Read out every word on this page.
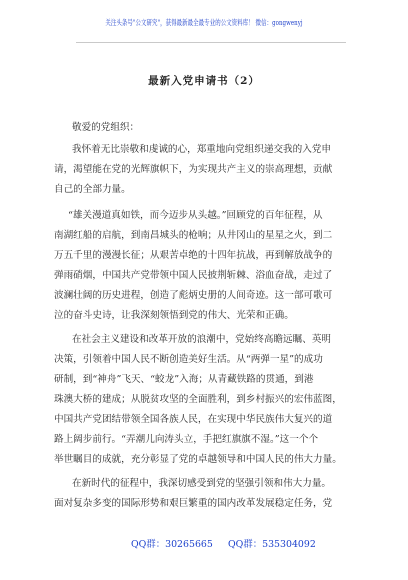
关注头条号"公文研究"，获得最新最全最专业的公文资料库！ 微信：gongwenyj
最新入党申请书（2）
敬爱的党组织：
我怀着无比崇敬和虔诚的心，郑重地向党组织递交我的入党申
请，渴望能在党的光辉旗帜下，为实现共产主义的崇高理想，贡献
自己的全部力量。
“雄关漫道真如铁，而今迈步从头越。”回顾党的百年征程，从
南湖红船的启航，到南昌城头的枪响；从井冈山的星星之火，到二
万五千里的漫漫长征；从艰苦卓绝的十四年抗战，再到解放战争的
弹雨硝烟，中国共产党带领中国人民披荆斩棘、浴血奋战，走过了
波澜壮阔的历史进程，创造了彪炳史册的人间奇迹。这一部可歌可
泣的奋斗史诗，让我深刻领悟到党的伟大、光荣和正确。
在社会主义建设和改革开放的浪潮中，党始终高瞻远瞩、英明
决策，引领着中国人民不断创造美好生活。从“两弹一星”的成功
研制，到“神舟”飞天、“蛟龙”入海；从青藏铁路的贯通，到港
珠澳大桥的建成；从脱贫攻坚的全面胜利，到乡村振兴的宏伟蓝图，
中国共产党团结带领全国各族人民，在实现中华民族伟大复兴的道
路上阔步前行。“弄潮儿向涛头立，手把红旗旗不湿。”这一个个
举世瞩目的成就，充分彰显了党的卓越领导和中国人民的伟大力量。
在新时代的征程中，我深切感受到党的坚强引领和伟大力量。
面对复杂多变的国际形势和艰巨繁重的国内改革发展稳定任务，党
QQ群：30265665 QQ群：535304092
